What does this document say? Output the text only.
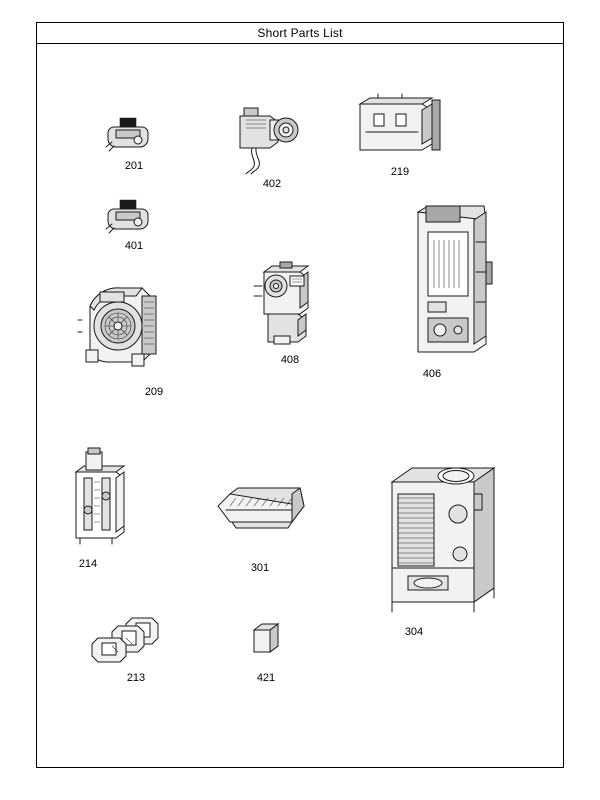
Short Parts List
201
402
219
401
406
408
209
214	301
304
213	421
